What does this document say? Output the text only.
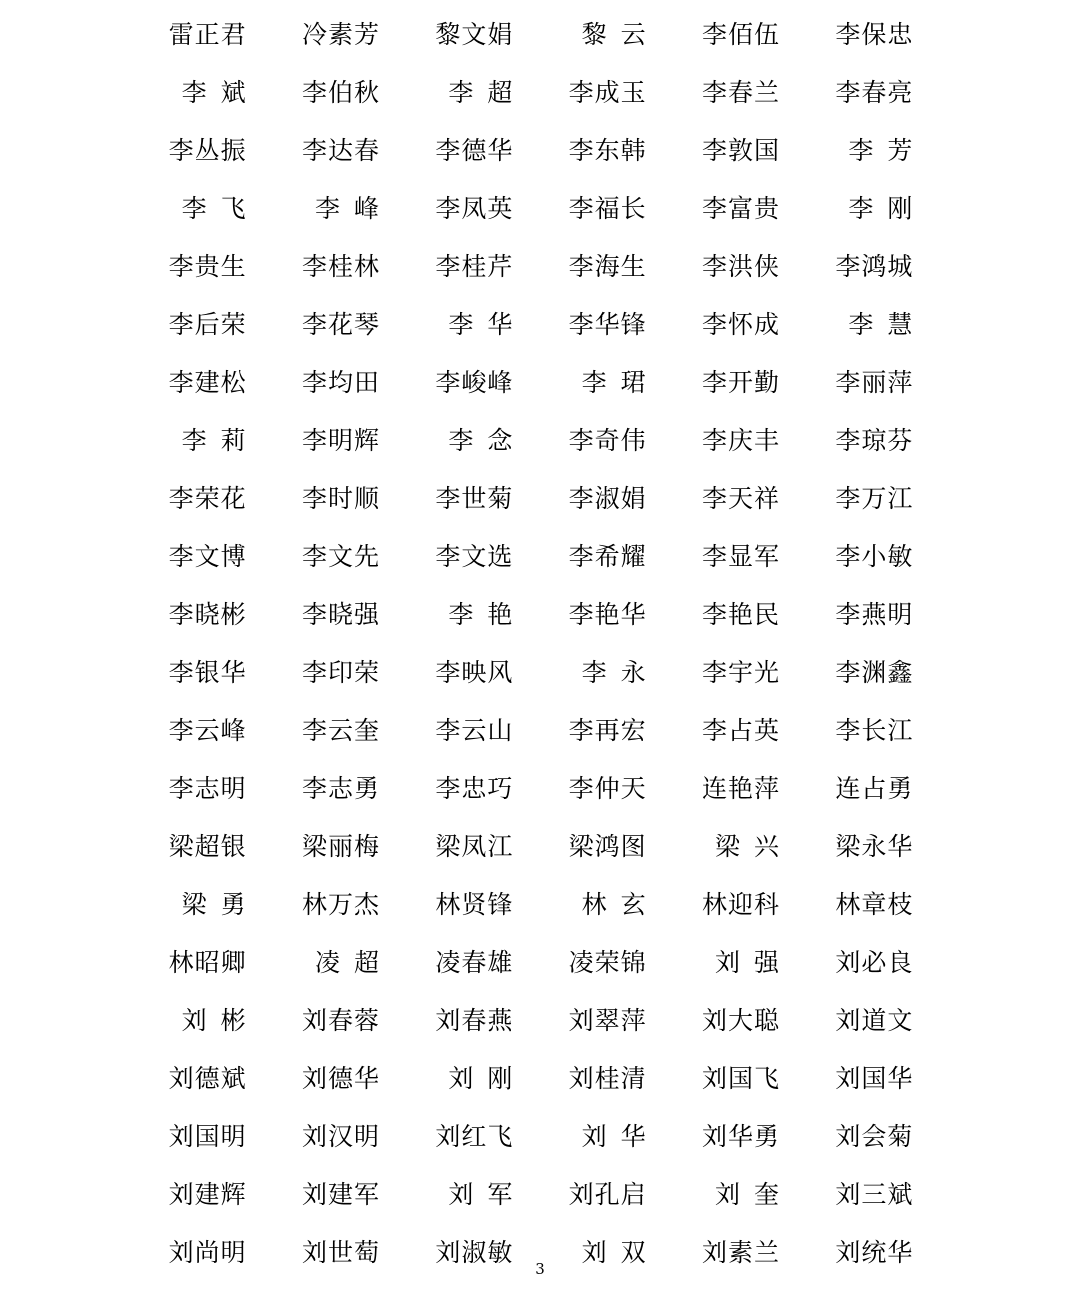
雷正君	冷素芳	黎文娟	黎云	李佰伍	李保忠
李斌	李伯秋	李超	李成玉	李春兰	李春亮
李丛振	李达春	李德华	李东韩	李敦国	李芳
李飞	李峰	李凤英	李福长	李富贵	李刚
李贵生	李桂林	李桂芹	李海生	李洪侠	李鸿城
李后荣	李花琴	李华	李华锋	李怀成	李慧
李建松	李均田	李峻峰	李珺	李开勤	李丽萍
李莉	李明辉	李念	李奇伟	李庆丰	李琼芬
李荣花	李时顺	李世菊	李淑娟	李天祥	李万江
李文博	李文先	李文选	李希耀	李显军	李小敏
李晓彬	李晓强	李艳	李艳华	李艳民	李燕明
李银华	李印荣	李映风	李永	李宇光	李渊鑫
李云峰	李云奎	李云山	李再宏	李占英	李长江
李志明	李志勇	李忠巧	李仲天	连艳萍	连占勇
梁超银	梁丽梅	梁凤江	梁鸿图	梁兴	梁永华
梁勇	林万杰	林贤锋	林玄	林迎科	林章枝
林昭卿	凌超	凌春雄	凌荣锦	刘强	刘必良
刘彬	刘春蓉	刘春燕	刘翠萍	刘大聪	刘道文
刘德斌	刘德华	刘刚	刘桂清	刘国飞	刘国华
刘国明	刘汉明	刘红飞	刘华	刘华勇	刘会菊
刘建辉	刘建军	刘军	刘孔启	刘奎	刘三斌
刘尚明	刘世萄	刘淑敏	刘双	刘素兰	刘统华
3
